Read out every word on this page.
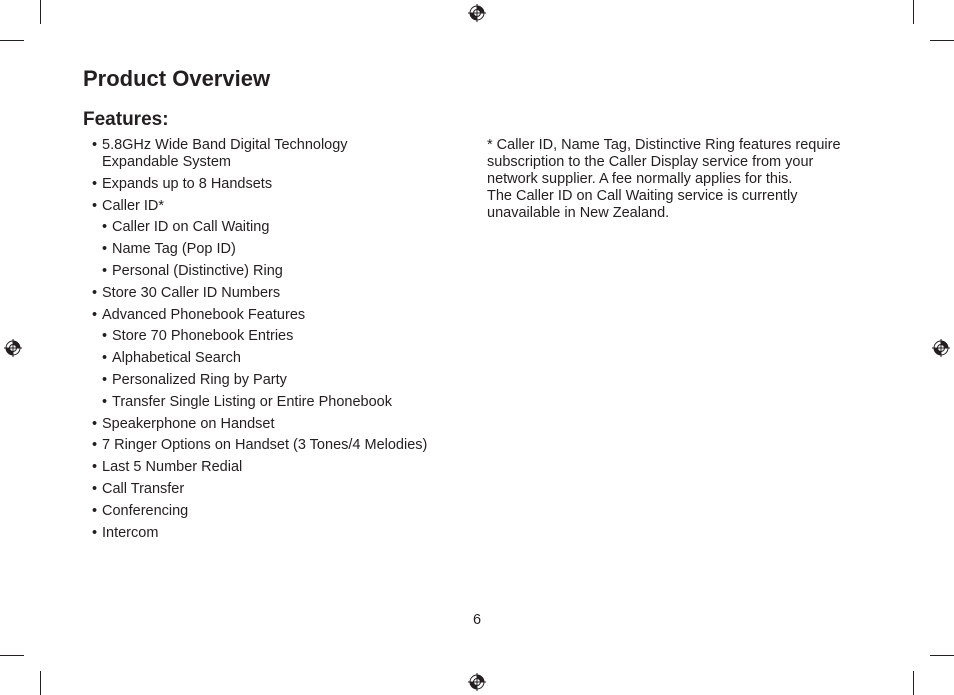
Product Overview
Features:
• 5.8GHz Wide Band Digital Technology
Expandable System
• Expands up to 8 Handsets
• Caller ID*
• Caller ID on Call Waiting
• Name Tag (Pop ID)
• Personal (Distinctive) Ring
• Store 30 Caller ID Numbers
• Advanced Phonebook Features
• Store 70 Phonebook Entries
• Alphabetical Search
• Personalized Ring by Party
• Transfer Single Listing or Entire Phonebook
• Speakerphone on Handset
• 7 Ringer Options on Handset (3 Tones/4 Melodies)
• Last 5 Number Redial
• Call Transfer
• Conferencing
• Intercom
* Caller ID, Name Tag, Distinctive Ring features require
subscription to the Caller Display service from your
network supplier. A fee normally applies for this.
The Caller ID on Call Waiting service is currently
unavailable in New Zealand.
6
